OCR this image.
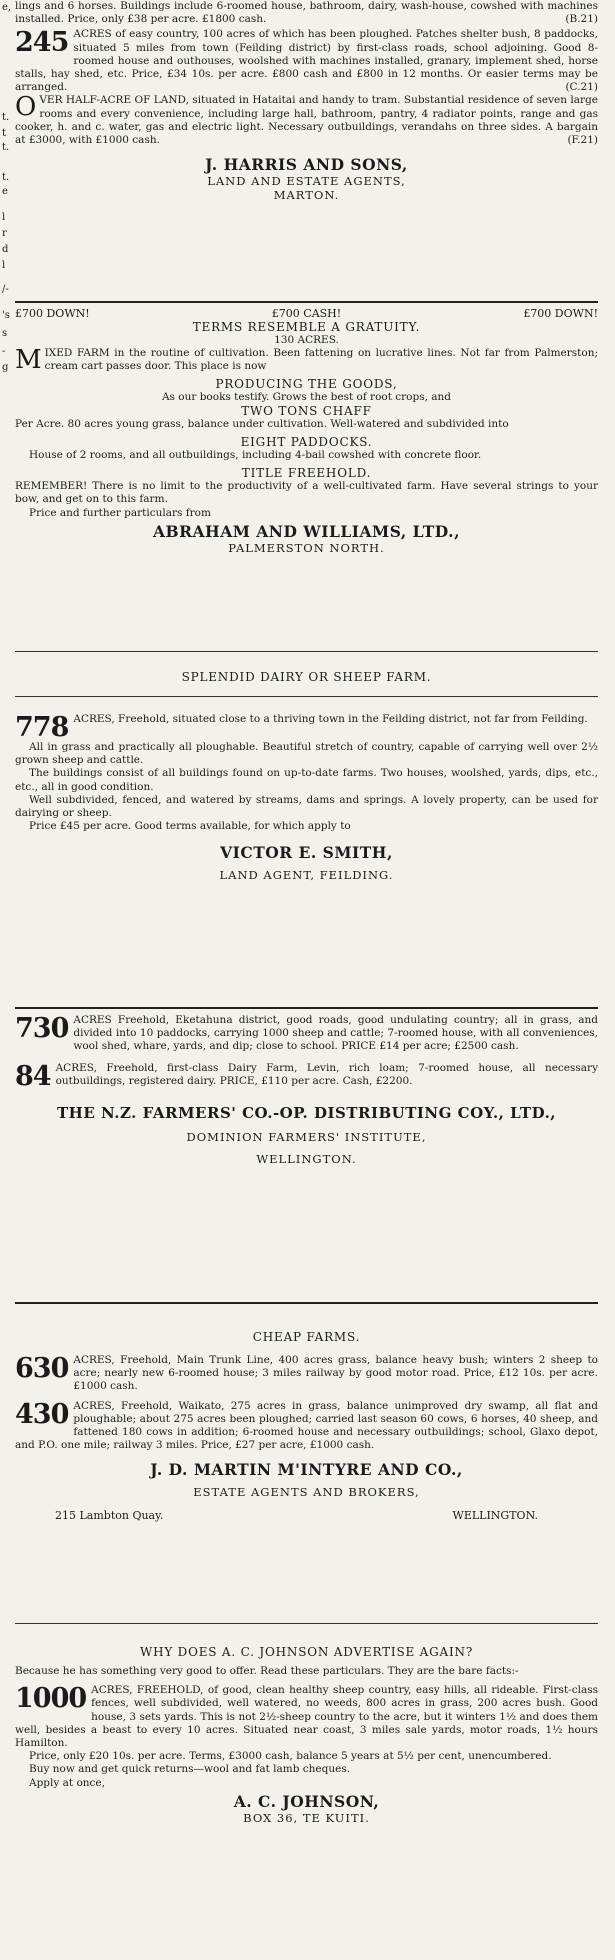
e,
t.
t
t.
t.
e
l
r
d
l
/-
's
s
-
g

lings and 6 horses. Buildings include 6-roomed house, bathroom, dairy, wash-house, cowshed with machines installed. Price, only £38 per acre. £1800 cash.	(B.21)

245 ACRES of easy country, 100 acres of which has been ploughed. Patches shelter bush, 8 paddocks, situated 5 miles from town (Feilding district) by first-class roads, school adjoining. Good 8-roomed house and outhouses, woolshed with machines installed, granary, implement shed, horse stalls, hay shed, etc. Price, £34 10s. per acre. £800 cash and £800 in 12 months. Or easier terms may be arranged.	(C.21)

OVER HALF-ACRE OF LAND, situated in Hataitai and handy to tram. Substantial residence of seven large rooms and every convenience, including large hall, bathroom, pantry, 4 radiator points, range and gas cooker, h. and c. water, gas and electric light. Necessary outbuildings, verandahs on three sides. A bargain at £3000, with £1000 cash.	(F.21)

J. HARRIS AND SONS,

LAND AND ESTATE AGENTS,

MARTON.

£700 DOWN!	£700 CASH!	£700 DOWN!

TERMS RESEMBLE A GRATUITY.

130 ACRES.

MIXED FARM in the routine of cultivation. Been fattening on lucrative lines. Not far from Palmerston; cream cart passes door. This place is now

PRODUCING THE GOODS,

As our books testify. Grows the best of root crops, and

TWO TONS CHAFF

Per Acre. 80 acres young grass, balance under cultivation. Well-watered and subdivided into

EIGHT PADDOCKS.

House of 2 rooms, and all outbuildings, including 4-bail cowshed with concrete floor.

TITLE FREEHOLD.

REMEMBER! There is no limit to the productivity of a well-cultivated farm. Have several strings to your bow, and get on to this farm.

Price and further particulars from

ABRAHAM AND WILLIAMS, LTD.,

PALMERSTON NORTH.

SPLENDID DAIRY OR SHEEP FARM.

778 ACRES, Freehold, situated close to a thriving town in the Feilding district, not far from Feilding.

All in grass and practically all ploughable. Beautiful stretch of country, capable of carrying well over 2½ grown sheep and cattle.

The buildings consist of all buildings found on up-to-date farms. Two houses, woolshed, yards, dips, etc., etc., all in good condition.

Well subdivided, fenced, and watered by streams, dams and springs. A lovely property, can be used for dairying or sheep.

Price £45 per acre. Good terms available, for which apply to

VICTOR E. SMITH,

LAND AGENT, FEILDING.

730 ACRES Freehold, Eketahuna district, good roads, good undulating country; all in grass, and divided into 10 paddocks, carrying 1000 sheep and cattle; 7-roomed house, with all conveniences, wool shed, whare, yards, and dip; close to school. PRICE £14 per acre; £2500 cash.

84 ACRES, Freehold, first-class Dairy Farm, Levin, rich loam; 7-roomed house, all necessary outbuildings, registered dairy. PRICE, £110 per acre. Cash, £2200.

THE N.Z. FARMERS' CO.-OP. DISTRIBUTING COY., LTD.,

DOMINION FARMERS' INSTITUTE,

WELLINGTON.

CHEAP FARMS.

630 ACRES, Freehold, Main Trunk Line, 400 acres grass, balance heavy bush; winters 2 sheep to acre; nearly new 6-roomed house; 3 miles railway by good motor road. Price, £12 10s. per acre. £1000 cash.

430 ACRES, Freehold, Waikato, 275 acres in grass, balance unimproved dry swamp, all flat and ploughable; about 275 acres been ploughed; carried last season 60 cows, 6 horses, 40 sheep, and fattened 180 cows in addition; 6-roomed house and necessary outbuildings; school, Glaxo depot, and P.O. one mile; railway 3 miles. Price, £27 per acre, £1000 cash.

J. D. MARTIN M'INTYRE AND CO.,

ESTATE AGENTS AND BROKERS,

215 Lambton Quay.	WELLINGTON.

WHY DOES A. C. JOHNSON ADVERTISE AGAIN?

Because he has something very good to offer. Read these particulars. They are the bare facts:-

1000 ACRES, FREEHOLD, of good, clean healthy sheep country, easy hills, all rideable. First-class fences, well subdivided, well watered, no weeds, 800 acres in grass, 200 acres bush. Good house, 3 sets yards. This is not 2½-sheep country to the acre, but it winters 1½ and does them well, besides a beast to every 10 acres. Situated near coast, 3 miles sale yards, motor roads, 1½ hours Hamilton.

Price, only £20 10s. per acre. Terms, £3000 cash, balance 5 years at 5½ per cent, unencumbered.

Buy now and get quick returns—wool and fat lamb cheques.

Apply at once,

A. C. JOHNSON,

BOX 36, TE KUITI.
